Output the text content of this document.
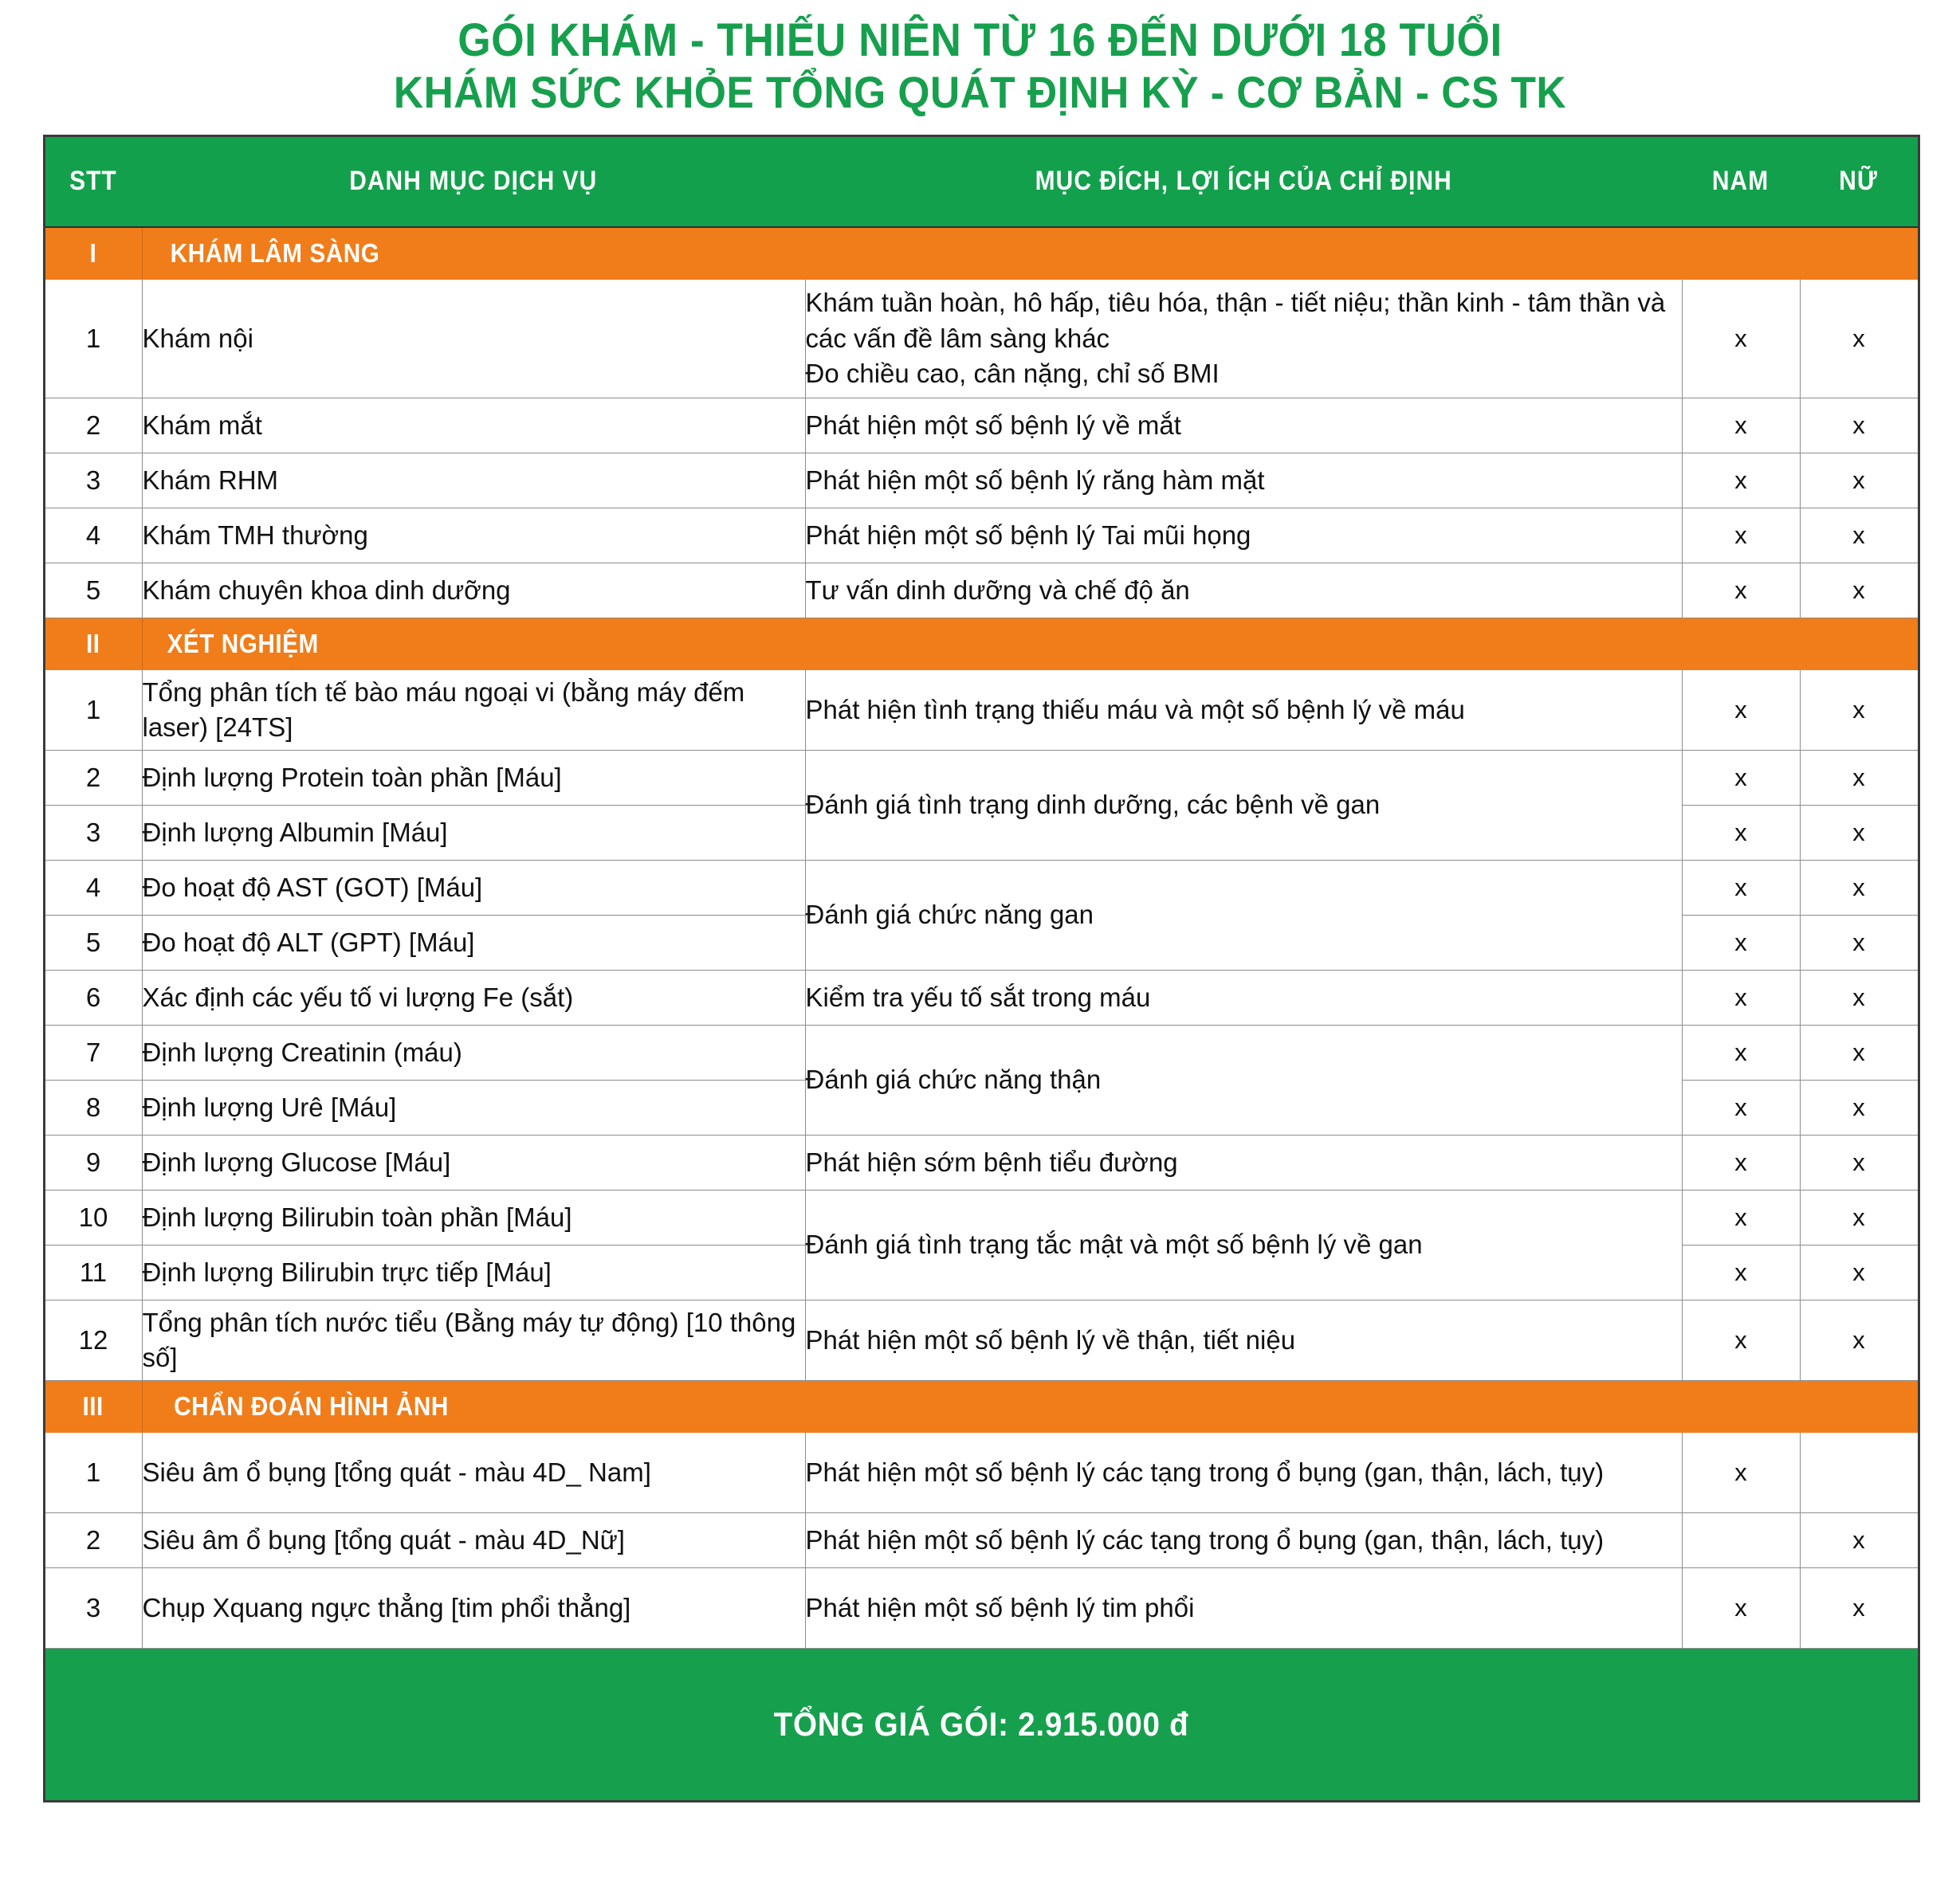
GÓI KHÁM - THIẾU NIÊN TỪ 16 ĐẾN DƯỚI 18 TUỔI
KHÁM SỨC KHỎE TỔNG QUÁT ĐỊNH KỲ - CƠ BẢN - CS TK
STT	DANH MỤC DỊCH VỤ	MỤC ĐÍCH, LỢI ÍCH CỦA CHỈ ĐỊNH	NAM	NỮ
I	KHÁM LÂM SÀNG			
1	Khám nội	Khám tuần hoàn, hô hấp, tiêu hóa, thận - tiết niệu; thần kinh - tâm thần và các vấn đề lâm sàng khác
Đo chiều cao, cân nặng, chỉ số BMI	x	x
2	Khám mắt	Phát hiện một số bệnh lý về mắt	x	x
3	Khám RHM	Phát hiện một số bệnh lý răng hàm mặt	x	x
4	Khám TMH thường	Phát hiện một số bệnh lý Tai mũi họng	x	x
5	Khám chuyên khoa dinh dưỡng	Tư vấn dinh dưỡng và chế độ ăn	x	x
II	XÉT NGHIỆM			
1	Tổng phân tích tế bào máu ngoại vi (bằng máy đếm laser) [24TS]	Phát hiện tình trạng thiếu máu và một số bệnh lý về máu	x	x
2	Định lượng Protein toàn phần [Máu]	Đánh giá tình trạng dinh dưỡng, các bệnh về gan	x	x
3	Định lượng Albumin [Máu]		x	x
4	Đo hoạt độ AST (GOT) [Máu]	Đánh giá chức năng gan	x	x
5	Đo hoạt độ ALT (GPT) [Máu]		x	x
6	Xác định các yếu tố vi lượng Fe (sắt)	Kiểm tra yếu tố sắt trong máu	x	x
7	Định lượng Creatinin (máu)	Đánh giá chức năng thận	x	x
8	Định lượng Urê [Máu]		x	x
9	Định lượng Glucose [Máu]	Phát hiện sớm bệnh tiểu đường	x	x
10	Định lượng Bilirubin toàn phần [Máu]	Đánh giá tình trạng tắc mật và một số bệnh lý về gan	x	x
11	Định lượng Bilirubin trực tiếp [Máu]		x	x
12	Tổng phân tích nước tiểu (Bằng máy tự động) [10 thông số]	Phát hiện một số bệnh lý về thận, tiết niệu	x	x
III	CHẨN ĐOÁN HÌNH ẢNH			
1	Siêu âm ổ bụng [tổng quát - màu 4D_ Nam]	Phát hiện một số bệnh lý các tạng trong ổ bụng (gan, thận, lách, tụy)	x	
2	Siêu âm ổ bụng [tổng quát - màu 4D_Nữ]	Phát hiện một số bệnh lý các tạng trong ổ bụng (gan, thận, lách, tụy)		x
3	Chụp Xquang ngực thẳng [tim phổi thẳng]	Phát hiện một số bệnh lý tim phổi	x	x
TỔNG GIÁ GÓI: 2.915.000 đ				
